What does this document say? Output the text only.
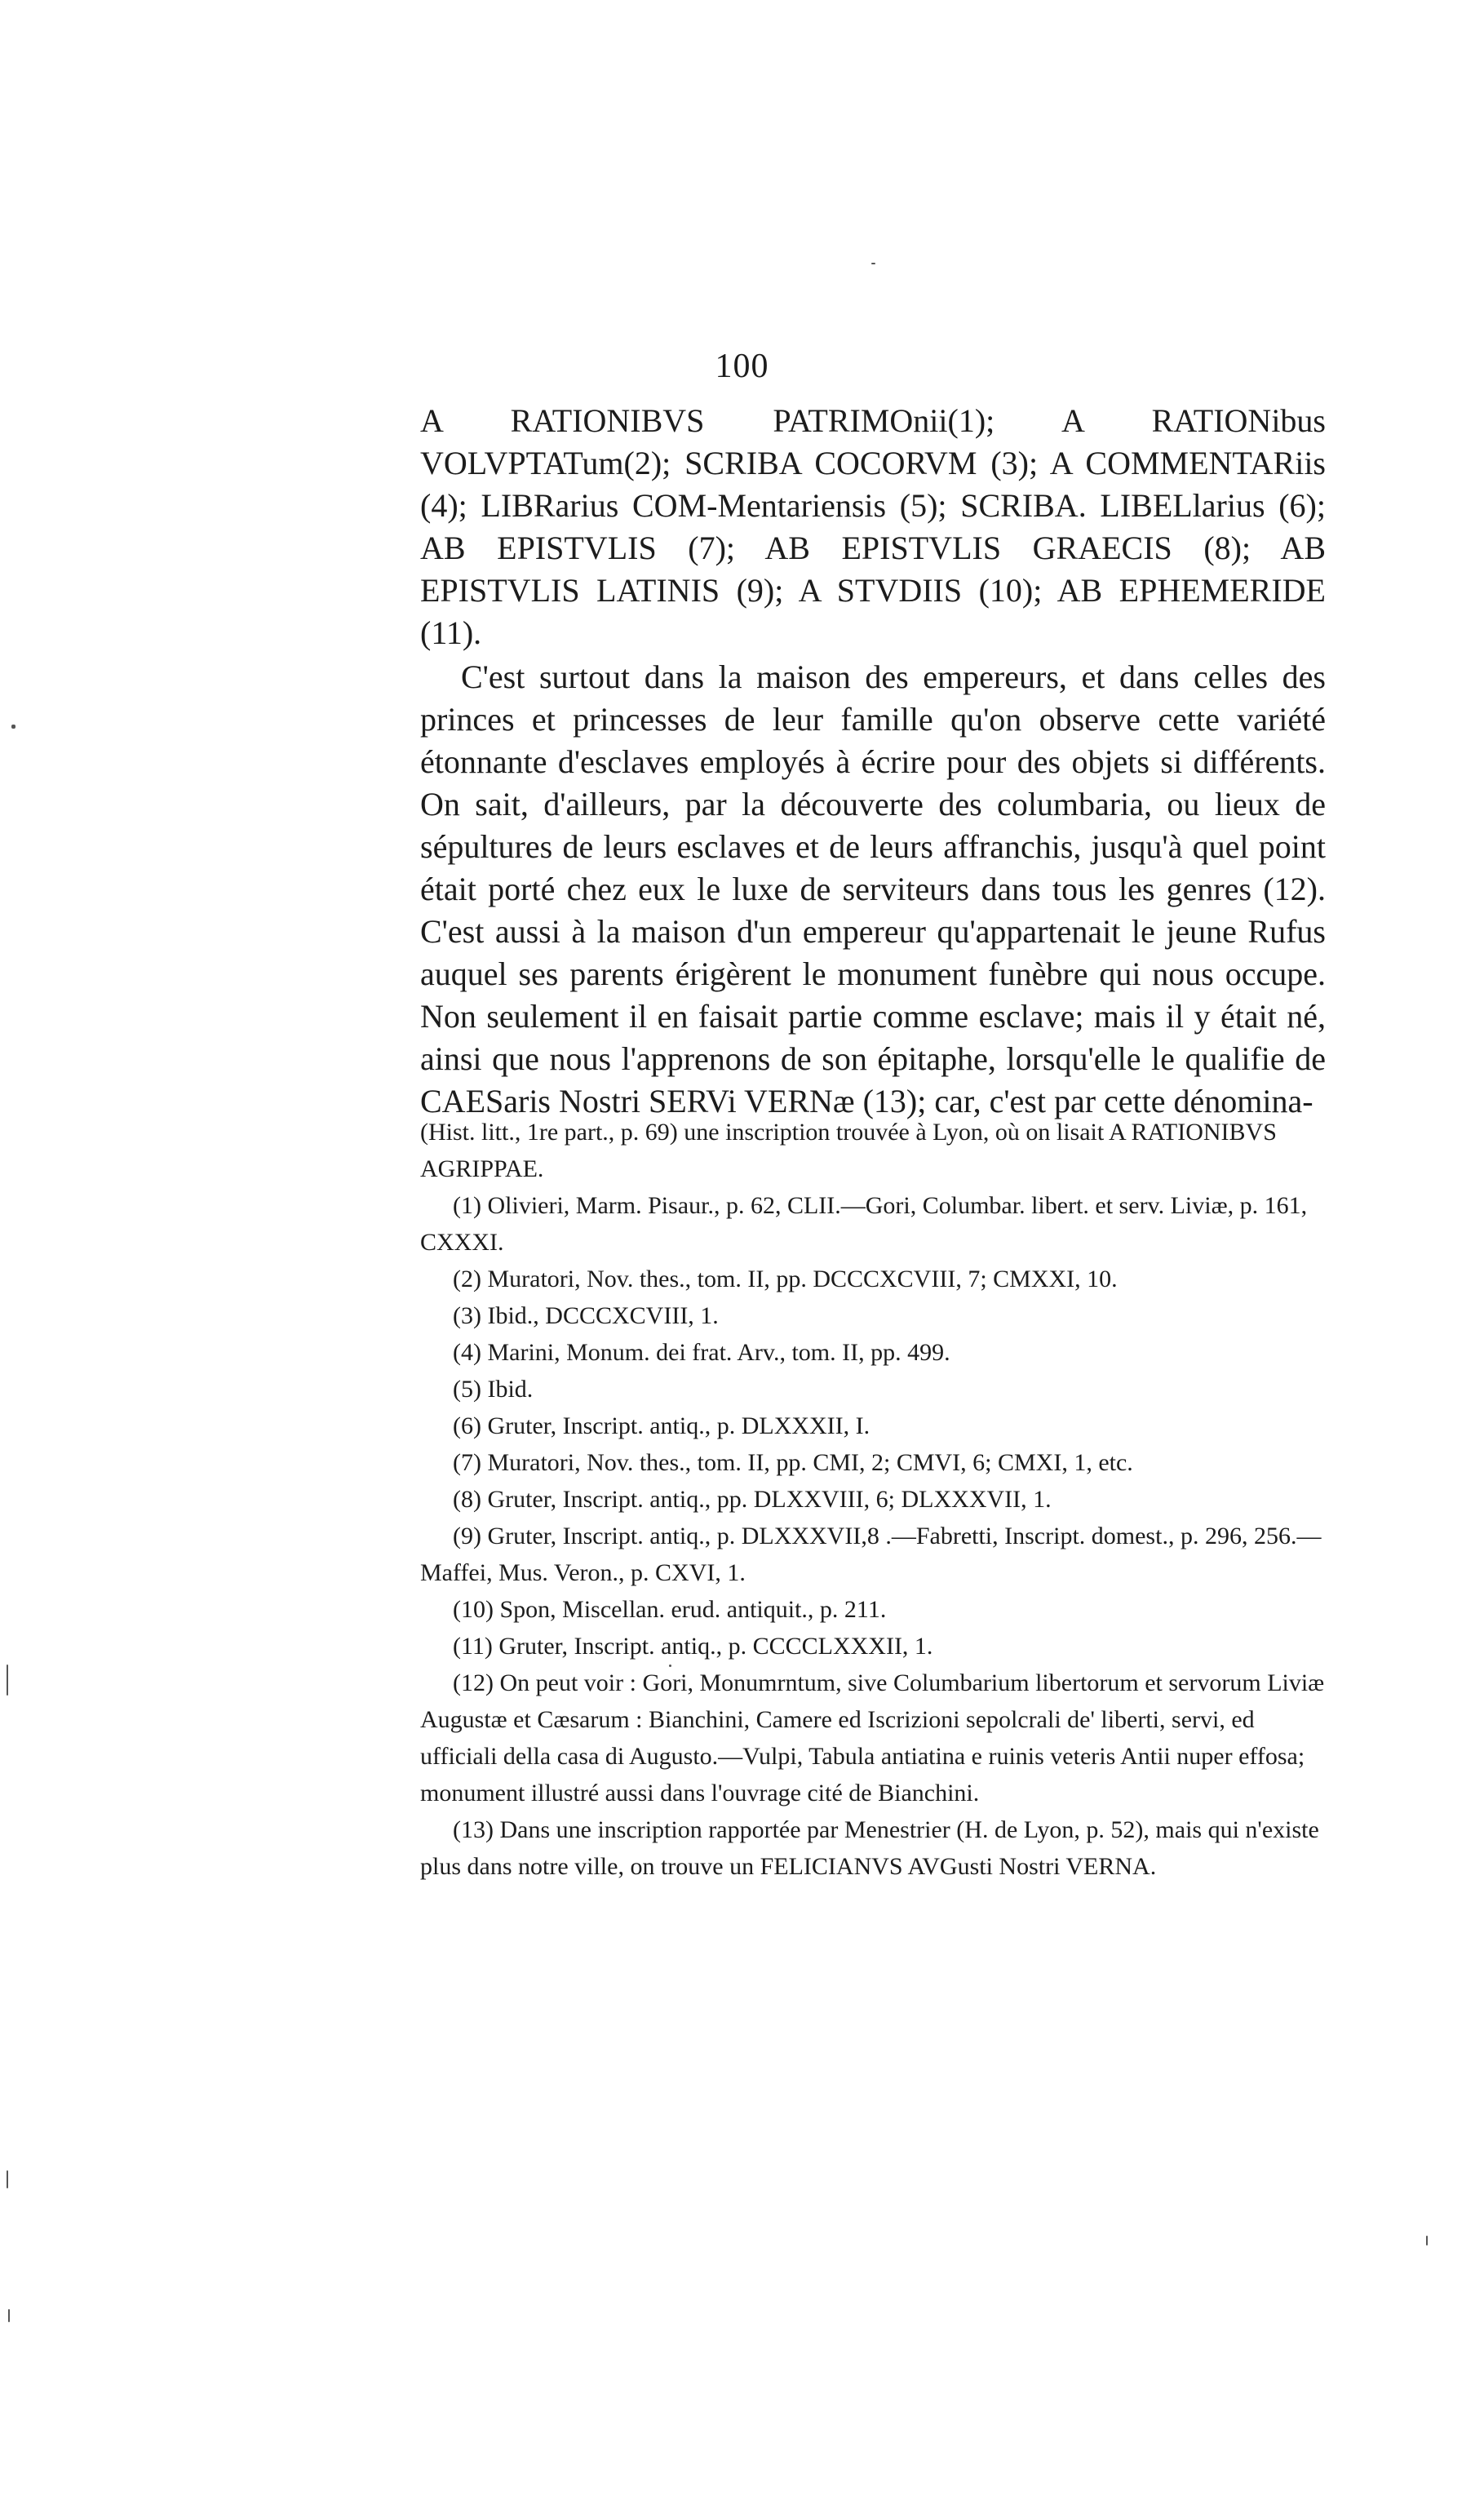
100

A RATIONIBVS PATRIMOnii(1); A RATIONibus VOLVPTATum(2); SCRIBA COCORVM (3); A COMMENTARiis (4); LIBRarius COM-Mentariensis (5); SCRIBA. LIBELlarius (6); AB EPISTVLIS (7); AB EPISTVLIS GRAECIS (8); AB EPISTVLIS LATINIS (9); A STVDIIS (10); AB EPHEMERIDE (11).

C'est surtout dans la maison des empereurs, et dans celles des princes et princesses de leur famille qu'on observe cette variété étonnante d'esclaves employés à écrire pour des objets si différents. On sait, d'ailleurs, par la découverte des columbaria, ou lieux de sépultures de leurs esclaves et de leurs affranchis, jusqu'à quel point était porté chez eux le luxe de serviteurs dans tous les genres (12). C'est aussi à la maison d'un empereur qu'appartenait le jeune Rufus auquel ses parents érigèrent le monument funèbre qui nous occupe. Non seulement il en faisait partie comme esclave; mais il y était né, ainsi que nous l'apprenons de son épitaphe, lorsqu'elle le qualifie de CAESaris Nostri SERVi VERNæ (13); car, c'est par cette dénomina-

(Hist. litt., 1re part., p. 69) une inscription trouvée à Lyon, où on lisait A RATIONIBVS AGRIPPAE.

(1) Olivieri, Marm. Pisaur., p. 62, CLII.—Gori, Columbar. libert. et serv. Liviæ, p. 161, CXXXI.

(2) Muratori, Nov. thes., tom. II, pp. DCCCXCVIII, 7; CMXXI, 10.

(3) Ibid., DCCCXCVIII, 1.

(4) Marini, Monum. dei frat. Arv., tom. II, pp. 499.

(5) Ibid.

(6) Gruter, Inscript. antiq., p. DLXXXII, I.

(7) Muratori, Nov. thes., tom. II, pp. CMI, 2; CMVI, 6; CMXI, 1, etc.

(8) Gruter, Inscript. antiq., pp. DLXXVIII, 6; DLXXXVII, 1.

(9) Gruter, Inscript. antiq., p. DLXXXVII,8 .—Fabretti, Inscript. domest., p. 296, 256.—Maffei, Mus. Veron., p. CXVI, 1.

(10) Spon, Miscellan. erud. antiquit., p. 211.

(11) Gruter, Inscript. antiq., p. CCCCLXXXII, 1.

(12) On peut voir : Gori, Monumrntum, sive Columbarium libertorum et servorum Liviæ Augustæ et Cæsarum : Bianchini, Camere ed Iscrizioni sepolcrali de' liberti, servi, ed ufficiali della casa di Augusto.—Vulpi, Tabula antiatina e ruinis veteris Antii nuper effosa; monument illustré aussi dans l'ouvrage cité de Bianchini.

(13) Dans une inscription rapportée par Menestrier (H. de Lyon, p. 52), mais qui n'existe plus dans notre ville, on trouve un FELICIANVS AVGusti Nostri VERNA.
